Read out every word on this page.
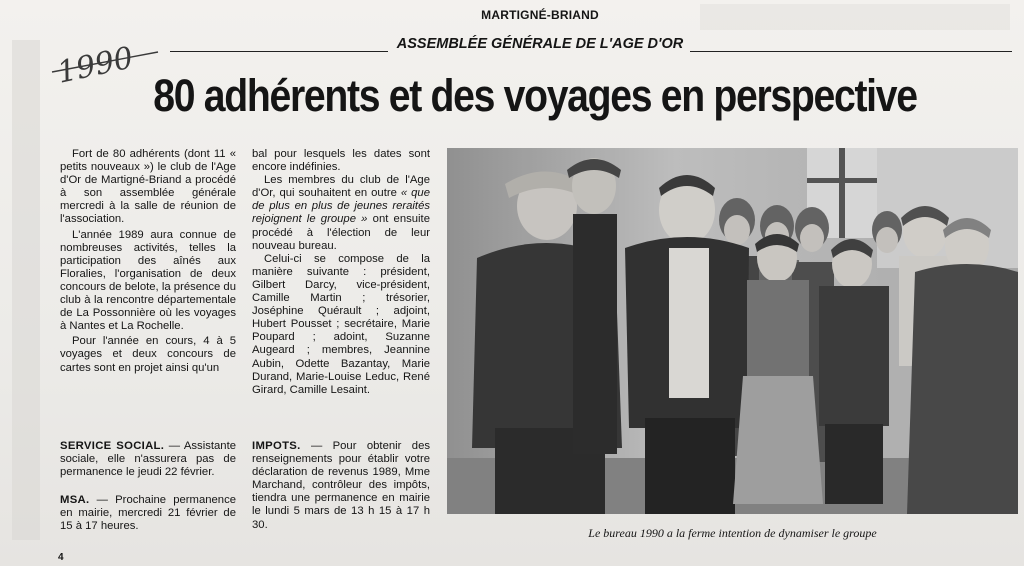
MARTIGNÉ-BRIAND
ASSEMBLÉE GÉNÉRALE DE L'AGE D'OR
1990
80 adhérents et des voyages en perspective

Fort de 80 adhérents (dont 11 « petits nouveaux ») le club de l'Age d'Or de Martigné-Briand a procédé à son assemblée générale mercredi à la salle de réunion de l'association.

L'année 1989 aura connue de nombreuses activités, telles la participation des aînés aux Floralies, l'organisation de deux concours de belote, la présence du club à la rencontre départementale de La Possonnière où les voyages à Nantes et La Rochelle.

Pour l'année en cours, 4 à 5 voyages et deux concours de cartes sont en projet ainsi qu'un

bal pour lesquels les dates sont encore indéfinies.

Les membres du club de l'Age d'Or, qui souhaitent en outre « que de plus en plus de jeunes reraités rejoignent le groupe » ont ensuite procédé à l'élection de leur nouveau bureau.

Celui-ci se compose de la manière suivante : président, Gilbert Darcy, vice-président, Camille Martin ; trésorier, Joséphine Quérault ; adjoint, Hubert Pousset ; secrétaire, Marie Poupard ; adoint, Suzanne Augeard ; membres, Jeannine Aubin, Odette Bazantay, Marie Durand, Marie-Louise Leduc, René Girard, Camille Lesaint.

SERVICE SOCIAL. — Assistante sociale, elle n'assurera pas de permanence le jeudi 22 février.

MSA. — Prochaine permanence en mairie, mercredi 21 février de 15 à 17 heures.

IMPOTS. — Pour obtenir des renseignements pour établir votre déclaration de revenus 1989, Mme Marchand, contrôleur des impôts, tiendra une permanence en mairie le lundi 5 mars de 13 h 15 à 17 h 30.

Le bureau 1990 a la ferme intention de dynamiser le groupe
4
